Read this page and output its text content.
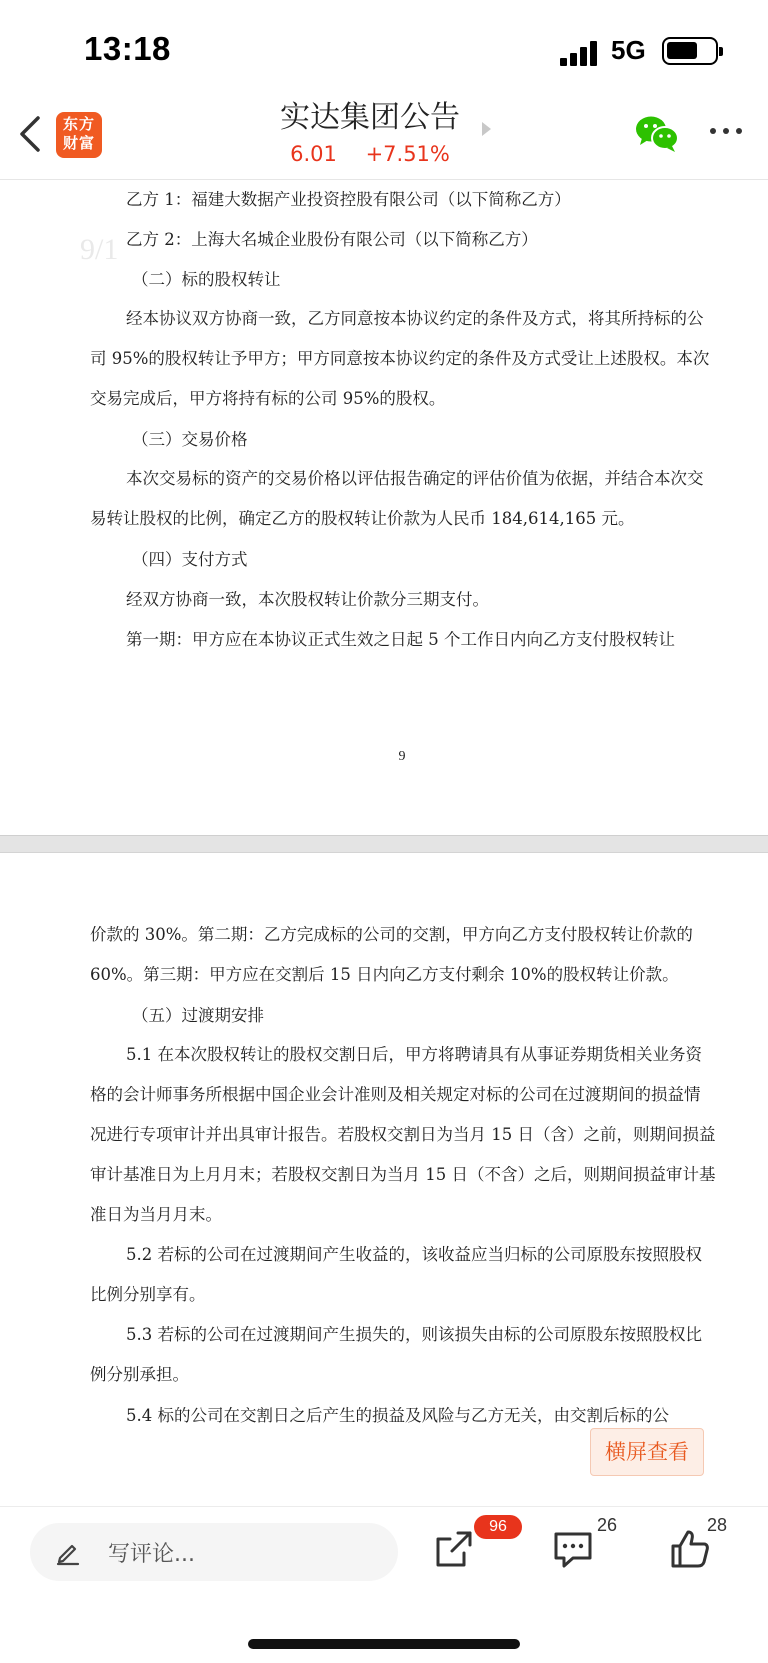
13:18	5G
东方
财富
实达集团公告
6.01 +7.51%
9/1
乙方 1：福建大数据产业投资控股有限公司（以下简称乙方）
乙方 2：上海大名城企业股份有限公司（以下简称乙方）
（二）标的股权转让
经本协议双方协商一致，乙方同意按本协议约定的条件及方式，将其所持标的公司 95%的股权转让予甲方；甲方同意按本协议约定的条件及方式受让上述股权。本次交易完成后，甲方将持有标的公司 95%的股权。
（三）交易价格
本次交易标的资产的交易价格以评估报告确定的评估价值为依据，并结合本次交易转让股权的比例，确定乙方的股权转让价款为人民币 184,614,165 元。
（四）支付方式
经双方协商一致，本次股权转让价款分三期支付。
第一期：甲方应在本协议正式生效之日起 5 个工作日内向乙方支付股权转让
9
价款的 30%。第二期：乙方完成标的公司的交割，甲方向乙方支付股权转让价款的 60%。第三期：甲方应在交割后 15 日内向乙方支付剩余 10%的股权转让价款。
（五）过渡期安排
5.1 在本次股权转让的股权交割日后，甲方将聘请具有从事证券期货相关业务资格的会计师事务所根据中国企业会计准则及相关规定对标的公司在过渡期间的损益情况进行专项审计并出具审计报告。若股权交割日为当月 15 日（含）之前，则期间损益审计基准日为上月月末；若股权交割日为当月 15 日（不含）之后，则期间损益审计基准日为当月月末。
5.2 若标的公司在过渡期间产生收益的，该收益应当归标的公司原股东按照股权比例分别享有。
5.3 若标的公司在过渡期间产生损失的，则该损失由标的公司原股东按照股权比例分别承担。
5.4 标的公司在交割日之后产生的损益及风险与乙方无关，由交割后标的公
横屏查看
写评论...
96	26	28
